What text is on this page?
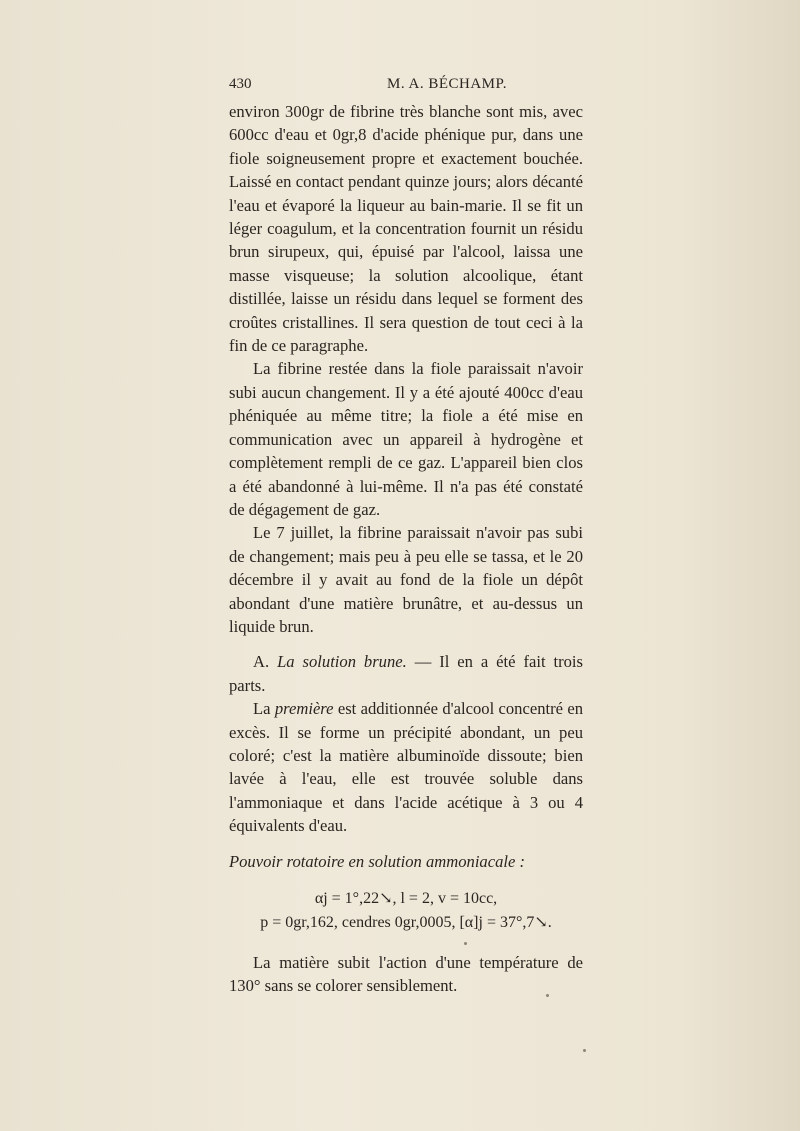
430	M. A. BÉCHAMP.

environ 300gr de fibrine très blanche sont mis, avec 600cc d'eau et 0gr,8 d'acide phénique pur, dans une fiole soigneusement propre et exactement bouchée. Laissé en contact pendant quinze jours; alors décanté l'eau et évaporé la liqueur au bain-marie. Il se fit un léger coagulum, et la concentration fournit un résidu brun sirupeux, qui, épuisé par l'alcool, laissa une masse visqueuse; la solution alcoolique, étant distillée, laisse un résidu dans lequel se forment des croûtes cristallines. Il sera question de tout ceci à la fin de ce paragraphe.

La fibrine restée dans la fiole paraissait n'avoir subi aucun changement. Il y a été ajouté 400cc d'eau phéniquée au même titre; la fiole a été mise en communication avec un appareil à hydrogène et complètement rempli de ce gaz. L'appareil bien clos a été abandonné à lui-même. Il n'a pas été constaté de dégagement de gaz.

Le 7 juillet, la fibrine paraissait n'avoir pas subi de changement; mais peu à peu elle se tassa, et le 20 décembre il y avait au fond de la fiole un dépôt abondant d'une matière brunâtre, et au-dessus un liquide brun.

A. La solution brune. — Il en a été fait trois parts.

La première est additionnée d'alcool concentré en excès. Il se forme un précipité abondant, un peu coloré; c'est la matière albuminoïde dissoute; bien lavée à l'eau, elle est trouvée soluble dans l'ammoniaque et dans l'acide acétique à 3 ou 4 équivalents d'eau.

Pouvoir rotatoire en solution ammoniacale :

αj = 1°,22↘, l = 2, v = 10cc,

p = 0gr,162, cendres 0gr,0005, [α]j = 37°,7↘.

La matière subit l'action d'une température de 130° sans se colorer sensiblement.
